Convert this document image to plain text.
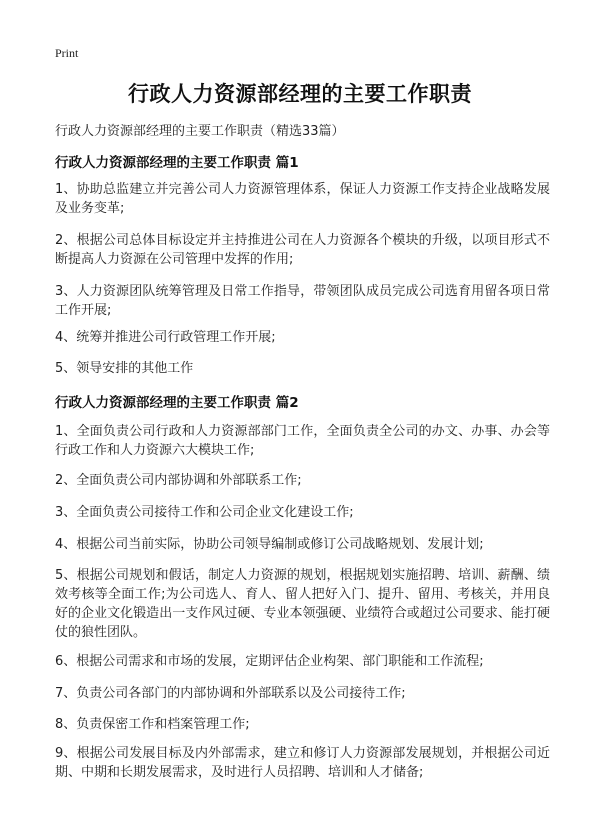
Print
行政人力资源部经理的主要工作职责
行政人力资源部经理的主要工作职责（精选33篇）
行政人力资源部经理的主要工作职责 篇1
1、协助总监建立并完善公司人力资源管理体系，保证人力资源工作支持企业战略发展及业务变革;
2、根据公司总体目标设定并主持推进公司在人力资源各个模块的升级，以项目形式不断提高人力资源在公司管理中发挥的作用;
3、人力资源团队统筹管理及日常工作指导，带领团队成员完成公司选育用留各项日常工作开展;
4、统筹并推进公司行政管理工作开展;
5、领导安排的其他工作
行政人力资源部经理的主要工作职责 篇2
1、全面负责公司行政和人力资源部部门工作，全面负责全公司的办文、办事、办会等行政工作和人力资源六大模块工作;
2、全面负责公司内部协调和外部联系工作;
3、全面负责公司接待工作和公司企业文化建设工作;
4、根据公司当前实际，协助公司领导编制或修订公司战略规划、发展计划;
5、根据公司规划和假话，制定人力资源的规划，根据规划实施招聘、培训、薪酬、绩效考核等全面工作;为公司选人、育人、留人把好入门、提升、留用、考核关，并用良好的企业文化锻造出一支作风过硬、专业本领强硬、业绩符合或超过公司要求、能打硬仗的狼性团队。
6、根据公司需求和市场的发展，定期评估企业构架、部门职能和工作流程;
7、负责公司各部门的内部协调和外部联系以及公司接待工作;
8、负责保密工作和档案管理工作;
9、根据公司发展目标及内外部需求，建立和修订人力资源部发展规划，并根据公司近期、中期和长期发展需求，及时进行人员招聘、培训和人才储备;
